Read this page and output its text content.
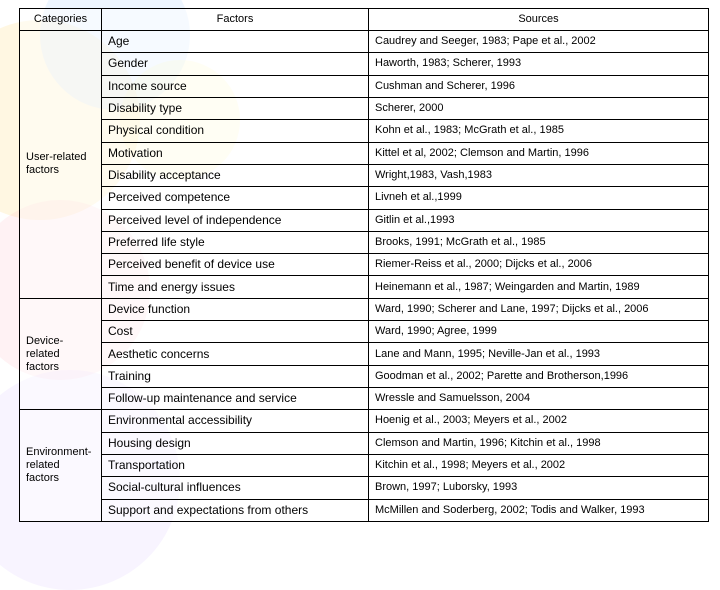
Categories	Factors	Sources

User-related factors	Age	Caudrey and Seeger, 1983; Pape et al., 2002
	Gender	Haworth, 1983; Scherer, 1993
	Income source	Cushman and Scherer, 1996
	Disability type	Scherer, 2000
	Physical condition	Kohn et al., 1983; McGrath et al., 1985
	Motivation	Kittel et al, 2002; Clemson and Martin, 1996
	Disability acceptance	Wright,1983, Vash,1983
	Perceived competence	Livneh et al.,1999
	Perceived level of independence	Gitlin et al.,1993
	Preferred life style	Brooks, 1991; McGrath et al., 1985
	Perceived benefit of device use	Riemer-Reiss et al., 2000; Dijcks et al., 2006
	Time and energy issues	Heinemann et al., 1987; Weingarden and Martin, 1989

Device-related factors	Device function	Ward, 1990; Scherer and Lane, 1997; Dijcks et al., 2006
	Cost	Ward, 1990; Agree, 1999
	Aesthetic concerns	Lane and Mann, 1995; Neville-Jan et al., 1993
	Training	Goodman et al., 2002; Parette and Brotherson,1996
	Follow-up maintenance and service	Wressle and Samuelsson, 2004

Environment-related factors	Environmental accessibility	Hoenig et al., 2003; Meyers et al., 2002
	Housing design	Clemson and Martin, 1996; Kitchin et al., 1998
	Transportation	Kitchin et al., 1998; Meyers et al., 2002
	Social-cultural influences	Brown, 1997; Luborsky, 1993
	Support and expectations from others	McMillen and Soderberg, 2002; Todis and Walker, 1993
